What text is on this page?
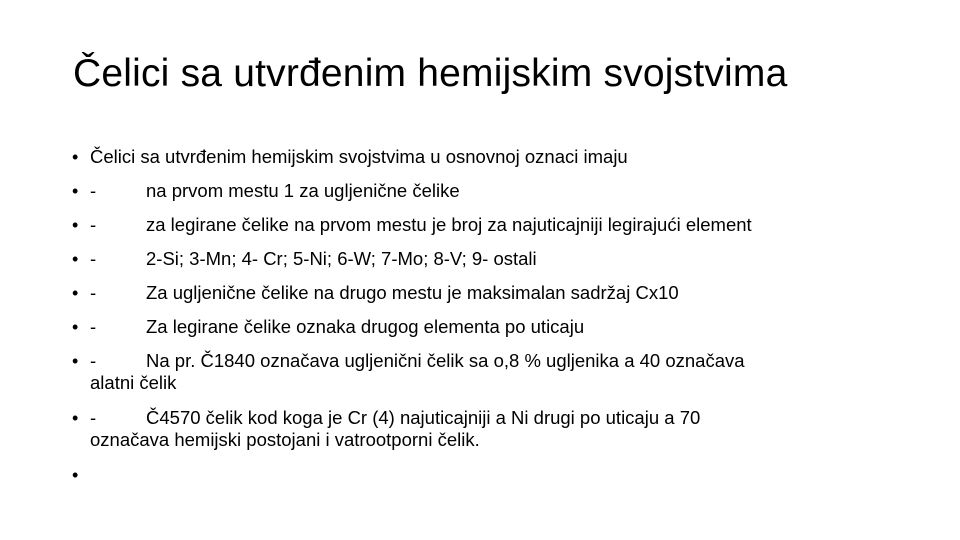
Čelici sa utvrđenim hemijskim svojstvima
• Čelici sa utvrđenim hemijskim svojstvima u osnovnoj oznaci imaju
• -	na prvom mestu 1 za ugljenične čelike
• -	za legirane čelike na prvom mestu je broj za najuticajniji legirajući element
• -	2-Si; 3-Mn; 4- Cr; 5-Ni; 6-W; 7-Mo; 8-V; 9- ostali
• -	Za ugljenične čelike na drugo mestu je maksimalan sadržaj Cx10
• -	Za legirane čelike oznaka drugog elementa po uticaju
• -	Na pr. Č1840 označava ugljenični čelik sa o,8 % ugljenika a 40 označava
alatni čelik
• -	Č4570 čelik kod koga je Cr (4) najuticajniji a Ni drugi po uticaju a 70
označava hemijski postojani i vatrootporni čelik.
•
